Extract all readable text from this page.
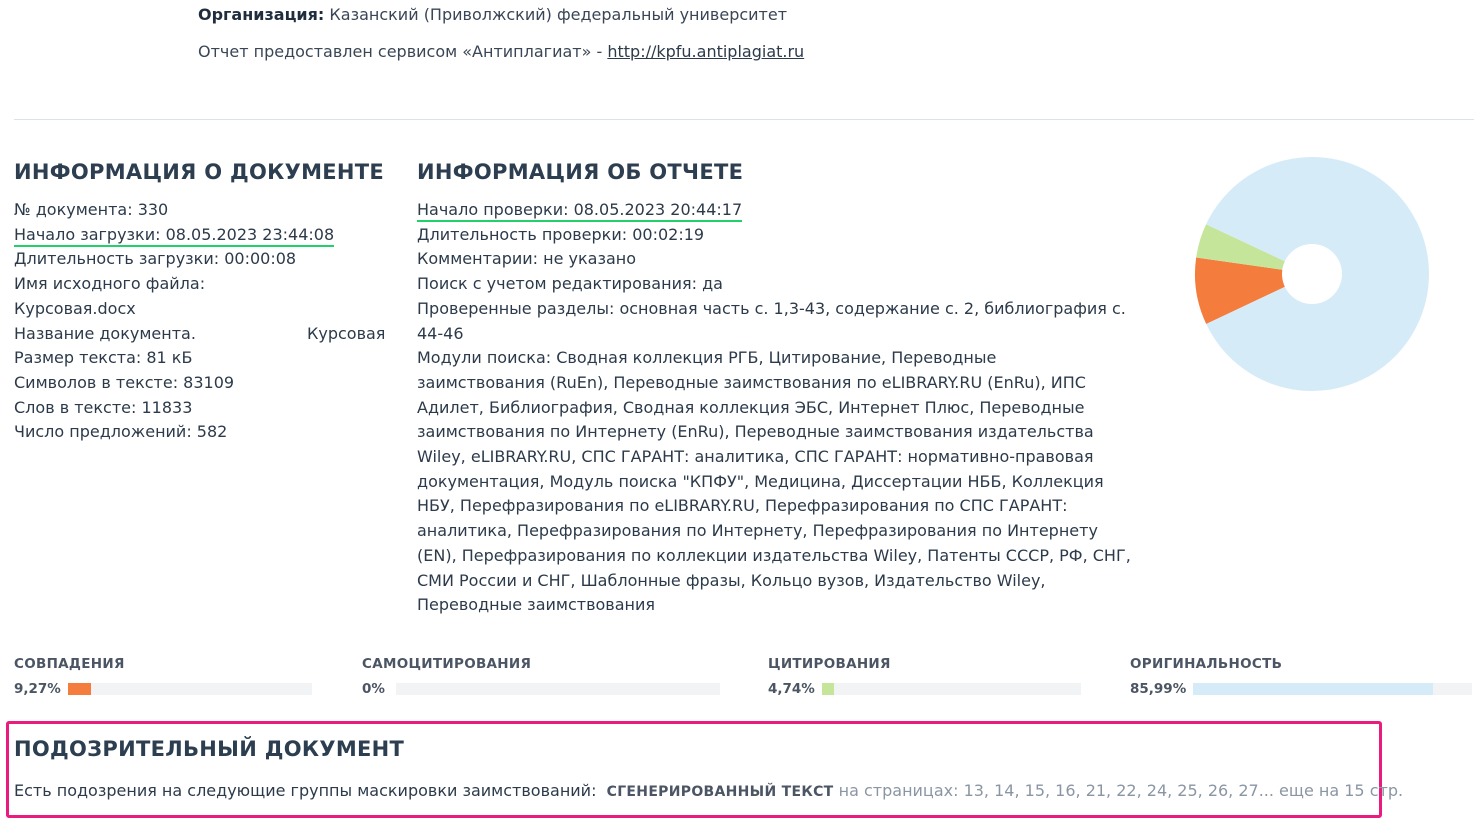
Организация: Казанский (Приволжский) федеральный университет
Отчет предоставлен сервисом «Антиплагиат» - http://kpfu.antiplagiat.ru
ИНФОРМАЦИЯ О ДОКУМЕНТЕ
№ документа: 330
Начало загрузки: 08.05.2023 23:44:08
Длительность загрузки: 00:00:08
Имя исходного файла:
Курсовая.docx
Название документа.	Курсовая
Размер текста: 81 кБ
Символов в тексте: 83109
Слов в тексте: 11833
Число предложений: 582
ИНФОРМАЦИЯ ОБ ОТЧЕТЕ
Начало проверки: 08.05.2023 20:44:17
Длительность проверки: 00:02:19
Комментарии: не указано
Поиск с учетом редактирования: да
Проверенные разделы: основная часть с. 1,3-43, содержание с. 2, библиография с.
44-46
Модули поиска: Сводная коллекция РГБ, Цитирование, Переводные
заимствования (RuEn), Переводные заимствования по eLIBRARY.RU (EnRu), ИПС
Адилет, Библиография, Сводная коллекция ЭБС, Интернет Плюс, Переводные
заимствования по Интернету (EnRu), Переводные заимствования издательства
Wiley, eLIBRARY.RU, СПС ГАРАНТ: аналитика, СПС ГАРАНТ: нормативно-правовая
документация, Модуль поиска "КПФУ", Медицина, Диссертации НББ, Коллекция
НБУ, Перефразирования по eLIBRARY.RU, Перефразирования по СПС ГАРАНТ:
аналитика, Перефразирования по Интернету, Перефразирования по Интернету
(EN), Перефразирования по коллекции издательства Wiley, Патенты СССР, РФ, СНГ,
СМИ России и СНГ, Шаблонные фразы, Кольцо вузов, Издательство Wiley,
Переводные заимствования
СОВПАДЕНИЯ
9,27%
САМОЦИТИРОВАНИЯ
0%
ЦИТИРОВАНИЯ
4,74%
ОРИГИНАЛЬНОСТЬ
85,99%
ПОДОЗРИТЕЛЬНЫЙ ДОКУМЕНТ
Есть подозрения на следующие группы маскировки заимствований: СГЕНЕРИРОВАННЫЙ ТЕКСТ на страницах: 13, 14, 15, 16, 21, 22, 24, 25, 26, 27... еще на 15 стр.
